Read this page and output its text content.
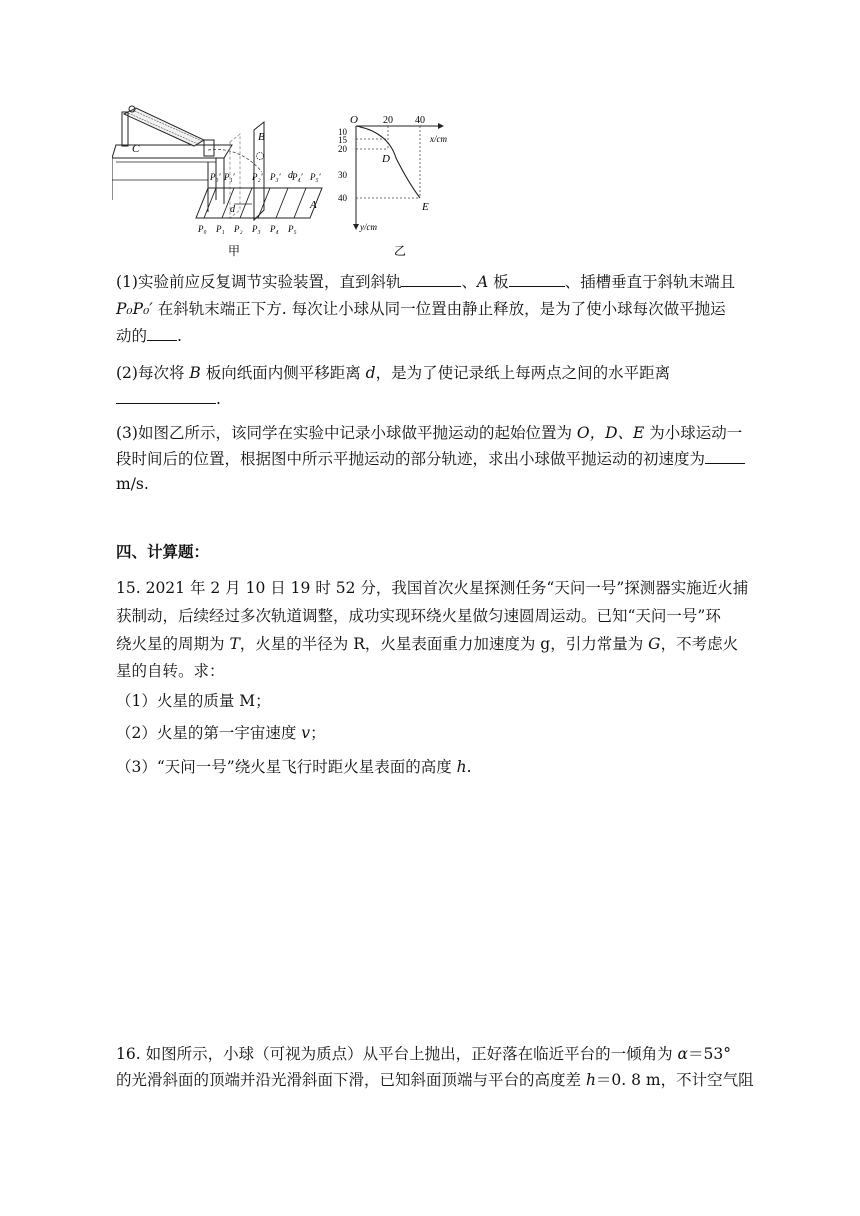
C
B
A
d
d
P₀′ P₁′ P₂′ P₃′ P₄′ P₅′
P₀ P₁ P₂ P₃ P₄ P₅
甲
O	20 40
x/cm
10
15
20
30
40
D
E
y/cm
乙
(1)实验前应反复调节实验装置，直到斜轨	、A 板	、插槽垂直于斜轨末端且
P₀P₀′ 在斜轨末端正下方. 每次让小球从同一位置由静止释放，是为了使小球每次做平抛运
动的 .
(2)每次将 B 板向纸面内侧平移距离 d，是为了使记录纸上每两点之间的水平距离
.
(3)如图乙所示，该同学在实验中记录小球做平抛运动的起始位置为 O，D、E 为小球运动一
段时间后的位置，根据图中所示平抛运动的部分轨迹，求出小球做平抛运动的初速度为
m/s.
四、计算题：
15. 2021 年 2 月 10 日 19 时 52 分，我国首次火星探测任务“天问一号”探测器实施近火捕
获制动，后续经过多次轨道调整，成功实现环绕火星做匀速圆周运动。已知“天问一号”环
绕火星的周期为 T，火星的半径为 R，火星表面重力加速度为 g，引力常量为 G，不考虑火
星的自转。求：
（1）火星的质量 M；
（2）火星的第一宇宙速度 v；
（3）“天问一号”绕火星飞行时距火星表面的高度 h.
16. 如图所示，小球（可视为质点）从平台上抛出，正好落在临近平台的一倾角为 α＝53°
的光滑斜面的顶端并沿光滑斜面下滑，已知斜面顶端与平台的高度差 h＝0. 8 m，不计空气阻
